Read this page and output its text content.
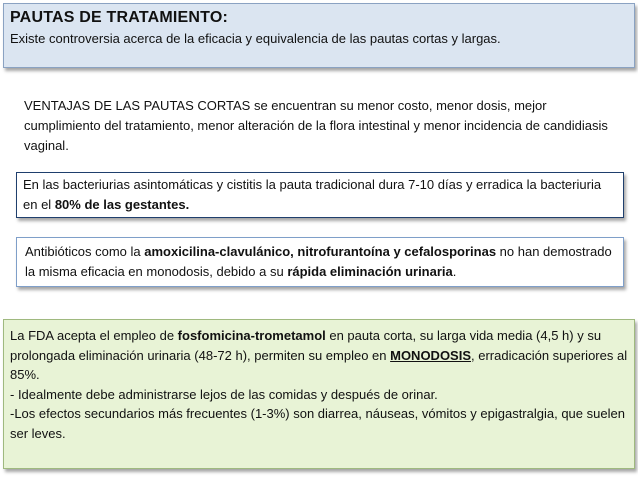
PAUTAS DE TRATAMIENTO:
Existe controversia acerca de la eficacia y equivalencia de las pautas cortas y largas.
VENTAJAS DE LAS PAUTAS CORTAS se encuentran su menor costo, menor dosis, mejor cumplimiento del tratamiento, menor alteración de la flora intestinal y menor incidencia de candidiasis vaginal.
En las bacteriurias asintomáticas y cistitis la pauta tradicional dura 7-10 días y erradica la bacteriuria en el 80% de las gestantes.
Antibióticos como la amoxicilina-clavulánico, nitrofurantoína y cefalosporinas no han demostrado la misma eficacia en monodosis, debido a su rápida eliminación urinaria.
La FDA acepta el empleo de fosfomicina-trometamol en pauta corta, su larga vida media (4,5 h) y su prolongada eliminación urinaria (48-72 h), permiten su empleo en MONODOSIS, erradicación superiores al 85%.
- Idealmente debe administrarse lejos de las comidas y después de orinar.
-Los efectos secundarios más frecuentes (1-3%) son diarrea, náuseas, vómitos y epigastralgia, que suelen ser leves.
